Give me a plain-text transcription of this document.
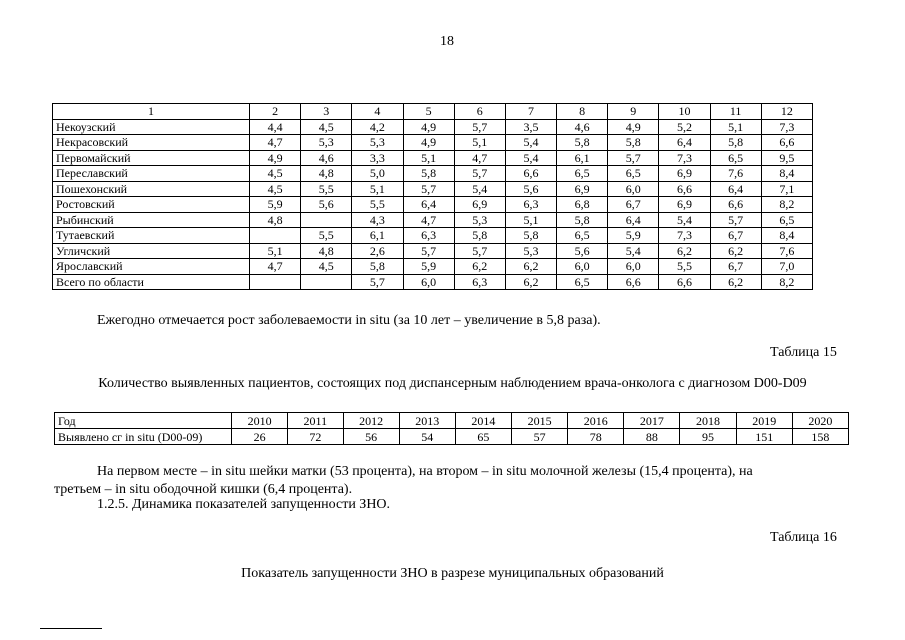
18
1	2	3	4	5	6	7	8	9	10	11	12
Некоузский	4,4	4,5	4,2	4,9	5,7	3,5	4,6	4,9	5,2	5,1	7,3
Некрасовский	4,7	5,3	5,3	4,9	5,1	5,4	5,8	5,8	6,4	5,8	6,6
Первомайский	4,9	4,6	3,3	5,1	4,7	5,4	6,1	5,7	7,3	6,5	9,5
Переславский	4,5	4,8	5,0	5,8	5,7	6,6	6,5	6,5	6,9	7,6	8,4
Пошехонский	4,5	5,5	5,1	5,7	5,4	5,6	6,9	6,0	6,6	6,4	7,1
Ростовский	5,9	5,6	5,5	6,4	6,9	6,3	6,8	6,7	6,9	6,6	8,2
Рыбинский	4,8		4,3	4,7	5,3	5,1	5,8	6,4	5,4	5,7	6,5
Тутаевский		5,5	6,1	6,3	5,8	5,8	6,5	5,9	7,3	6,7	8,4
Угличский	5,1	4,8	2,6	5,7	5,7	5,3	5,6	5,4	6,2	6,2	7,6
Ярославский	4,7	4,5	5,8	5,9	6,2	6,2	6,0	6,0	5,5	6,7	7,0
Всего по области			5,7	6,0	6,3	6,2	6,5	6,6	6,6	6,2	8,2
Ежегодно отмечается рост заболеваемости in situ (за 10 лет – увеличение в 5,8 раза).
Таблица 15
Количество выявленных пациентов, состоящих под диспансерным наблюдением врача-онколога с диагнозом D00-D09
Год	2010	2011	2012	2013	2014	2015	2016	2017	2018	2019	2020
Выявлено сг in situ (D00-09)	26	72	56	54	65	57	78	88	95	151	158
На первом месте – in situ шейки матки (53 процента), на втором – in situ молочной железы (15,4 процента), на
третьем – in situ ободочной кишки (6,4 процента).
1.2.5. Динамика показателей запущенности ЗНО.
Таблица 16
Показатель запущенности ЗНО в разрезе муниципальных образований
